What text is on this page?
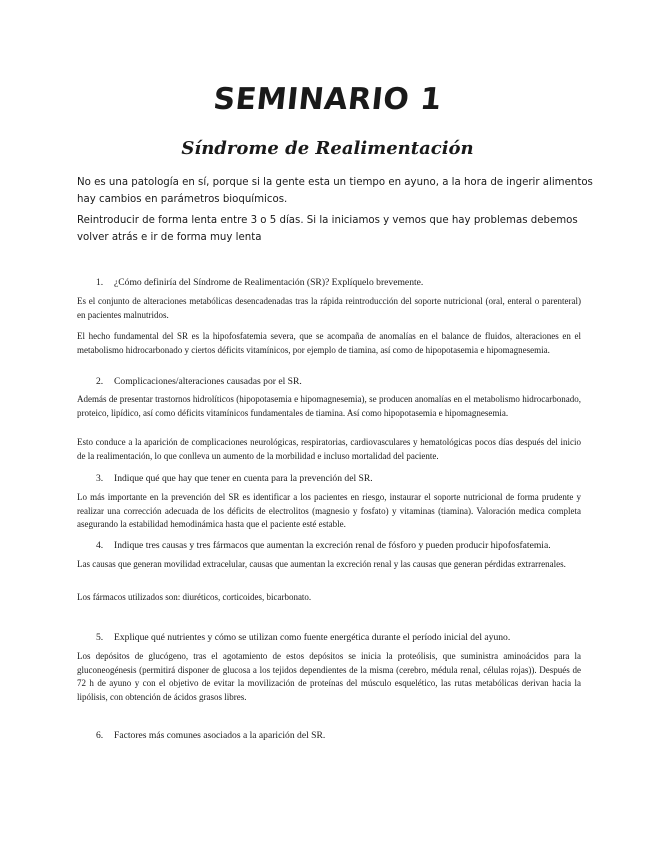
SEMINARIO 1
Síndrome de Realimentación

No es una patología en sí, porque si la gente esta un tiempo en ayuno, a la hora de ingerir alimentos hay cambios en parámetros bioquímicos.

Reintroducir de forma lenta entre 3 o 5 días. Si la iniciamos y vemos que hay problemas debemos volver atrás e ir de forma muy lenta

1. ¿Cómo definiría del Síndrome de Realimentación (SR)? Explíquelo brevemente.

Es el conjunto de alteraciones metabólicas desencadenadas tras la rápida reintroducción del soporte nutricional (oral, enteral o parenteral) en pacientes malnutridos.

El hecho fundamental del SR es la hipofosfatemia severa, que se acompaña de anomalías en el balance de fluidos, alteraciones en el metabolismo hidrocarbonado y ciertos déficits vitamínicos, por ejemplo de tiamina, así como de hipopotasemia e hipomagnesemia.

2. Complicaciones/alteraciones causadas por el SR.

Además de presentar trastornos hidrolíticos (hipopotasemia e hipomagnesemia), se producen anomalías en el metabolismo hidrocarbonado, proteico, lipídico, así como déficits vitamínicos fundamentales de tiamina. Así como hipopotasemia e hipomagnesemia.

Esto conduce a la aparición de complicaciones neurológicas, respiratorias, cardiovasculares y hematológicas pocos días después del inicio de la realimentación, lo que conlleva un aumento de la morbilidad e incluso mortalidad del paciente.

3. Indique qué que hay que tener en cuenta para la prevención del SR.

Lo más importante en la prevención del SR es identificar a los pacientes en riesgo, instaurar el soporte nutricional de forma prudente y realizar una corrección adecuada de los déficits de electrolitos (magnesio y fosfato) y vitaminas (tiamina). Valoración medica completa asegurando la estabilidad hemodinámica hasta que el paciente esté estable.

4. Indique tres causas y tres fármacos que aumentan la excreción renal de fósforo y pueden producir hipofosfatemia.

Las causas que generan movilidad extracelular, causas que aumentan la excreción renal y las causas que generan pérdidas extrarrenales.

Los fármacos utilizados son: diuréticos, corticoides, bicarbonato.

5. Explique qué nutrientes y cómo se utilizan como fuente energética durante el período inicial del ayuno.

Los depósitos de glucógeno, tras el agotamiento de estos depósitos se inicia la proteólisis, que suministra aminoácidos para la gluconeogénesis (permitirá disponer de glucosa a los tejidos dependientes de la misma (cerebro, médula renal, células rojas)). Después de 72 h de ayuno y con el objetivo de evitar la movilización de proteínas del músculo esquelético, las rutas metabólicas derivan hacia la lipólisis, con obtención de ácidos grasos libres.

6. Factores más comunes asociados a la aparición del SR.
